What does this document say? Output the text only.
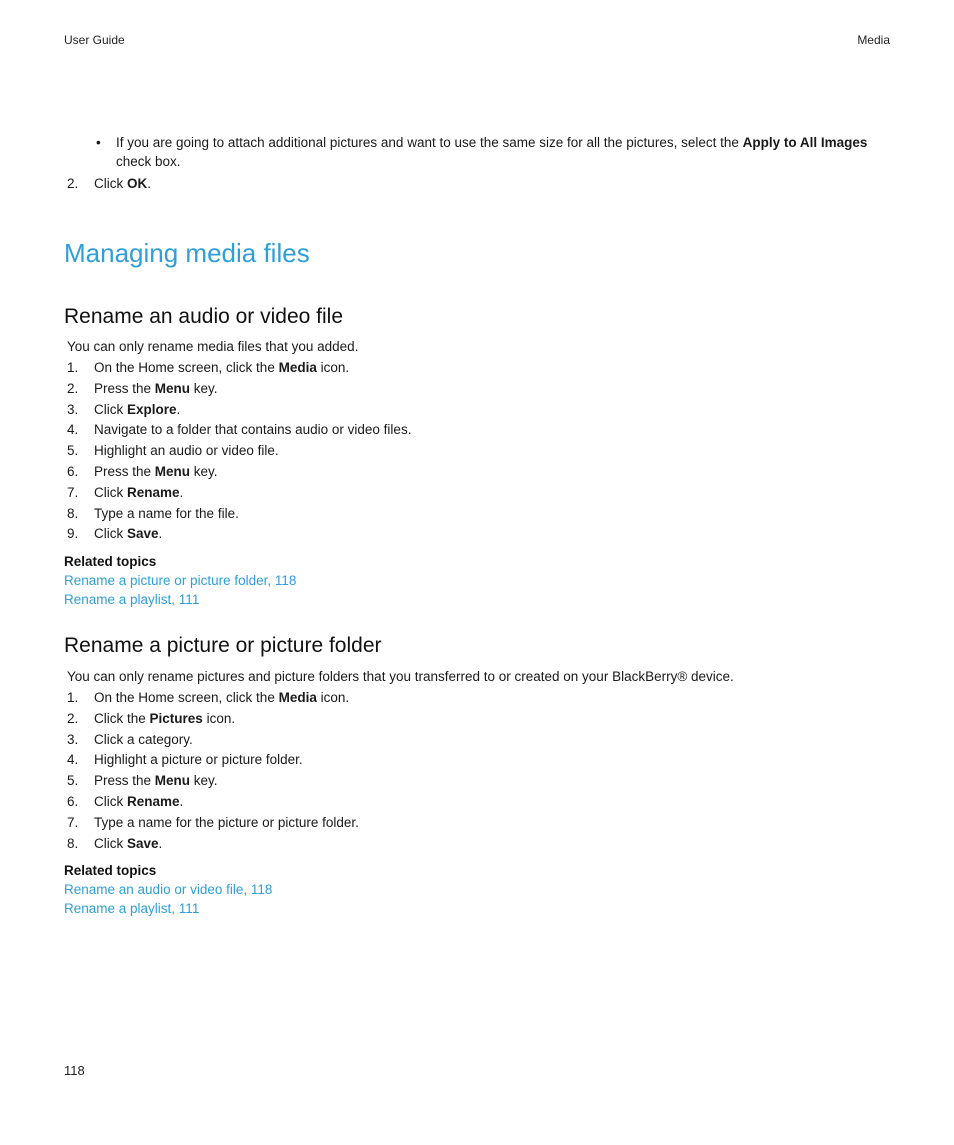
User Guide	Media
• If you are going to attach additional pictures and want to use the same size for all the pictures, select the Apply to All Images check box.
2.	Click OK.
Managing media files
Rename an audio or video file
You can only rename media files that you added.
1.	On the Home screen, click the Media icon.
2.	Press the Menu key.
3.	Click Explore.
4.	Navigate to a folder that contains audio or video files.
5.	Highlight an audio or video file.
6.	Press the Menu key.
7.	Click Rename.
8.	Type a name for the file.
9.	Click Save.
Related topics
Rename a picture or picture folder, 118
Rename a playlist, 111
Rename a picture or picture folder
You can only rename pictures and picture folders that you transferred to or created on your BlackBerry® device.
1.	On the Home screen, click the Media icon.
2.	Click the Pictures icon.
3.	Click a category.
4.	Highlight a picture or picture folder.
5.	Press the Menu key.
6.	Click Rename.
7.	Type a name for the picture or picture folder.
8.	Click Save.
Related topics
Rename an audio or video file, 118
Rename a playlist, 111
118
